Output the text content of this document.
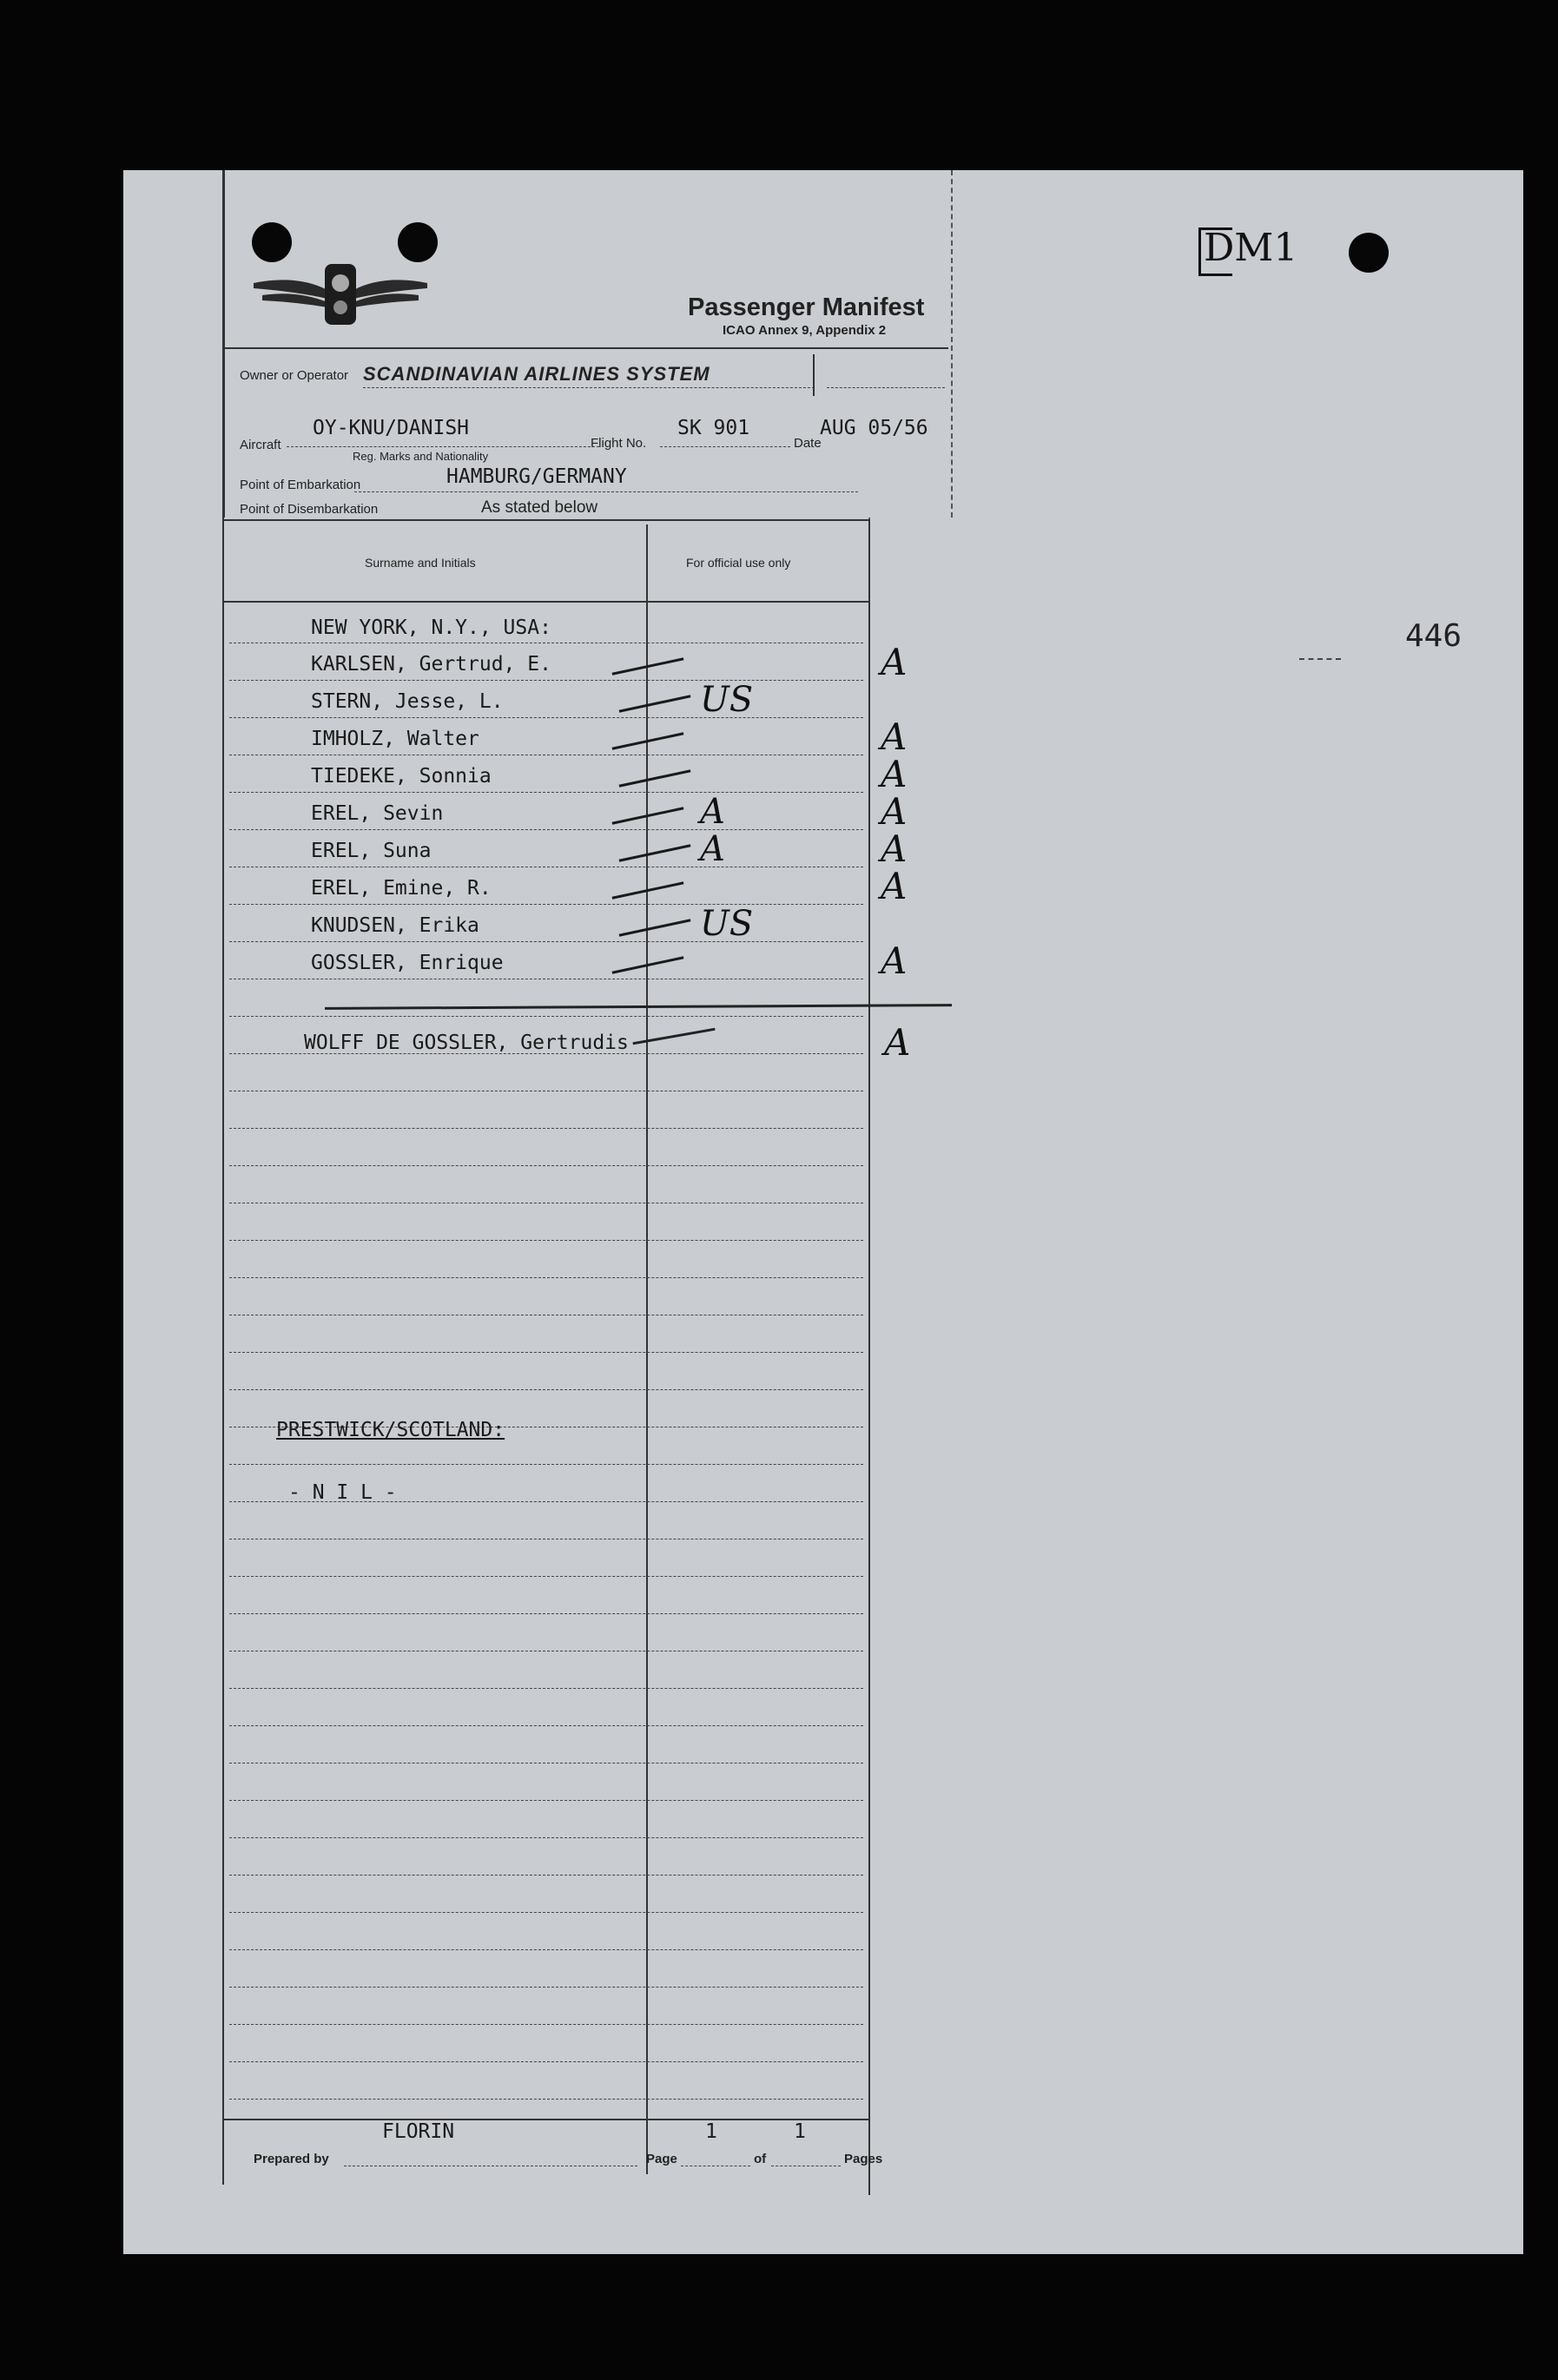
DM1
446
Passenger Manifest
ICAO Annex 9, Appendix 2
Owner or Operator SCANDINAVIAN AIRLINES SYSTEM
Aircraft
OY-KNU/DANISH
Reg. Marks and Nationality
Flight No.
SK 901
Date
AUG 05/56
Point of Embarkation	HAMBURG/GERMANY
Point of Disembarkation	As stated below
Surname and Initials	For official use only
NEW YORK, N.Y., USA:
KARLSEN, Gertrud, E.	A
STERN, Jesse, L.	US
IMHOLZ, Walter	A
TIEDEKE, Sonnia	A
EREL, Sevin	A	A
EREL, Suna	A	A
EREL, Emine, R.	A
KNUDSEN, Erika	US
GOSSLER, Enrique	A
WOLFF DE GOSSLER, Gertrudis	A
PRESTWICK/SCOTLAND:
- N I L -
FLORIN
Prepared by	Page
1
of
1
Pages
